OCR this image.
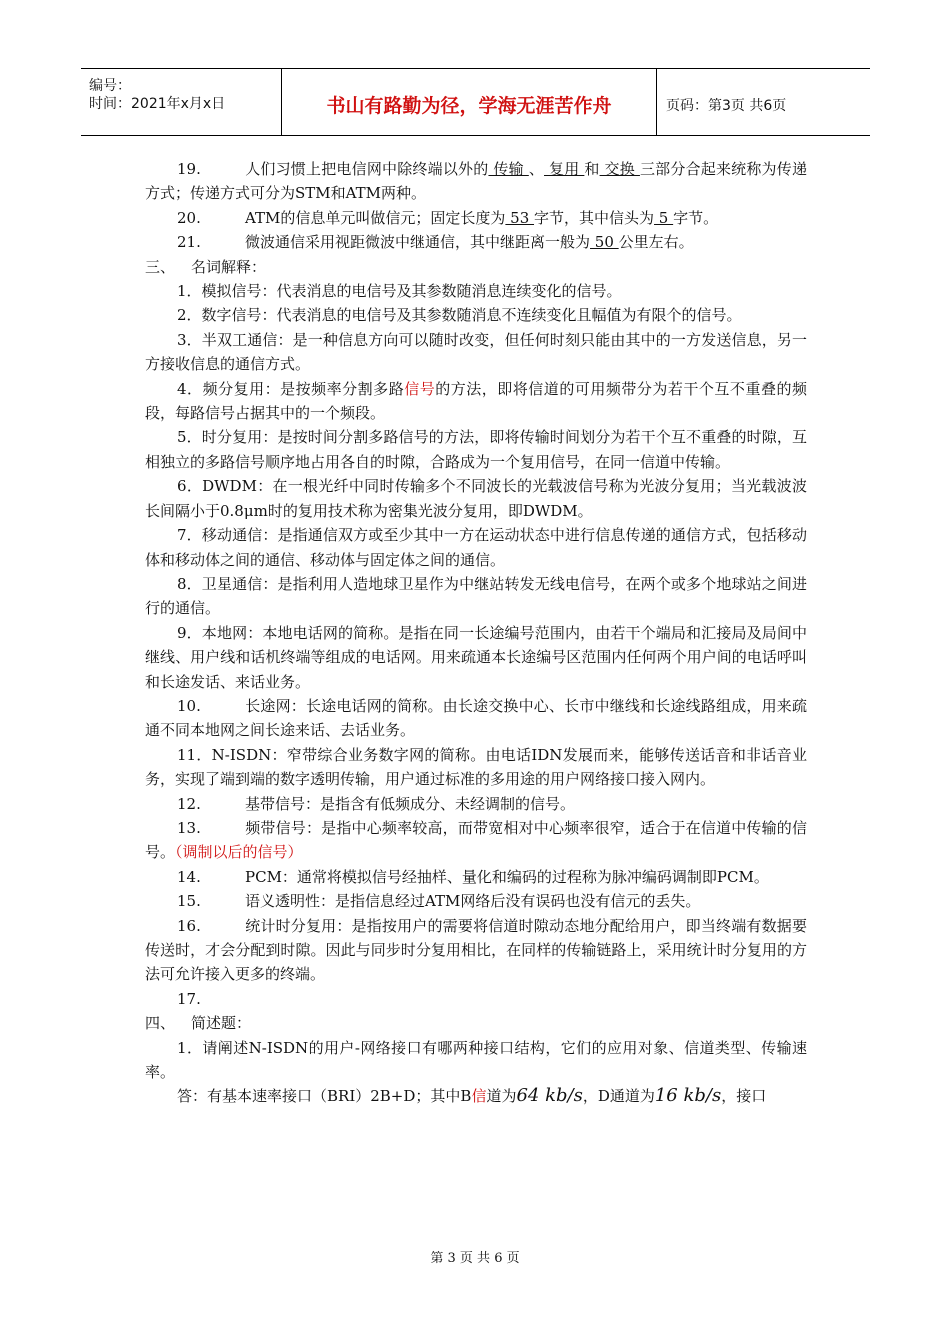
编号：
时间：2021年x月x日	书山有路勤为径，学海无涯苦作舟	页码：第3页 共6页

19.	人们习惯上把电信网中除终端以外的 传输 、 复用 和 交换 三部分合起来统称为传递方式；传递方式可分为STM和ATM两种。

20.	ATM的信息单元叫做信元；固定长度为 53 字节，其中信头为 5 字节。

21.	微波通信采用视距微波中继通信，其中继距离一般为 50 公里左右。

三、 名词解释：

1．模拟信号：代表消息的电信号及其参数随消息连续变化的信号。

2．数字信号：代表消息的电信号及其参数随消息不连续变化且幅值为有限个的信号。

3．半双工通信：是一种信息方向可以随时改变，但任何时刻只能由其中的一方发送信息，另一方接收信息的通信方式。

4．频分复用：是按频率分割多路信号的方法，即将信道的可用频带分为若干个互不重叠的频段，每路信号占据其中的一个频段。

5．时分复用：是按时间分割多路信号的方法，即将传输时间划分为若干个互不重叠的时隙，互相独立的多路信号顺序地占用各自的时隙，合路成为一个复用信号，在同一信道中传输。

6．DWDM：在一根光纤中同时传输多个不同波长的光载波信号称为光波分复用；当光载波波长间隔小于0.8μm时的复用技术称为密集光波分复用，即DWDM。

7．移动通信：是指通信双方或至少其中一方在运动状态中进行信息传递的通信方式，包括移动体和移动体之间的通信、移动体与固定体之间的通信。

8．卫星通信：是指利用人造地球卫星作为中继站转发无线电信号，在两个或多个地球站之间进行的通信。

9．本地网：本地电话网的简称。是指在同一长途编号范围内，由若干个端局和汇接局及局间中继线、用户线和话机终端等组成的电话网。用来疏通本长途编号区范围内任何两个用户间的电话呼叫和长途发话、来话业务。

10.	长途网：长途电话网的简称。由长途交换中心、长市中继线和长途线路组成，用来疏通不同本地网之间长途来话、去话业务。

11．N-ISDN：窄带综合业务数字网的简称。由电话IDN发展而来，能够传送话音和非话音业务，实现了端到端的数字透明传输，用户通过标准的多用途的用户网络接口接入网内。

12.	基带信号：是指含有低频成分、未经调制的信号。

13.	频带信号：是指中心频率较高，而带宽相对中心频率很窄，适合于在信道中传输的信号。（调制以后的信号）

14.	PCM：通常将模拟信号经抽样、量化和编码的过程称为脉冲编码调制即PCM。

15.	语义透明性：是指信息经过ATM网络后没有误码也没有信元的丢失。

16.	统计时分复用：是指按用户的需要将信道时隙动态地分配给用户，即当终端有数据要传送时，才会分配到时隙。因此与同步时分复用相比，在同样的传输链路上，采用统计时分复用的方法可允许接入更多的终端。

17.

四、 简述题：

1．请阐述N-ISDN的用户-网络接口有哪两种接口结构，它们的应用对象、信道类型、传输速率。

答：有基本速率接口（BRI）2B+D；其中B信道为64 kb/s，D通道为16 kb/s，接口

第 3 页 共 6 页
